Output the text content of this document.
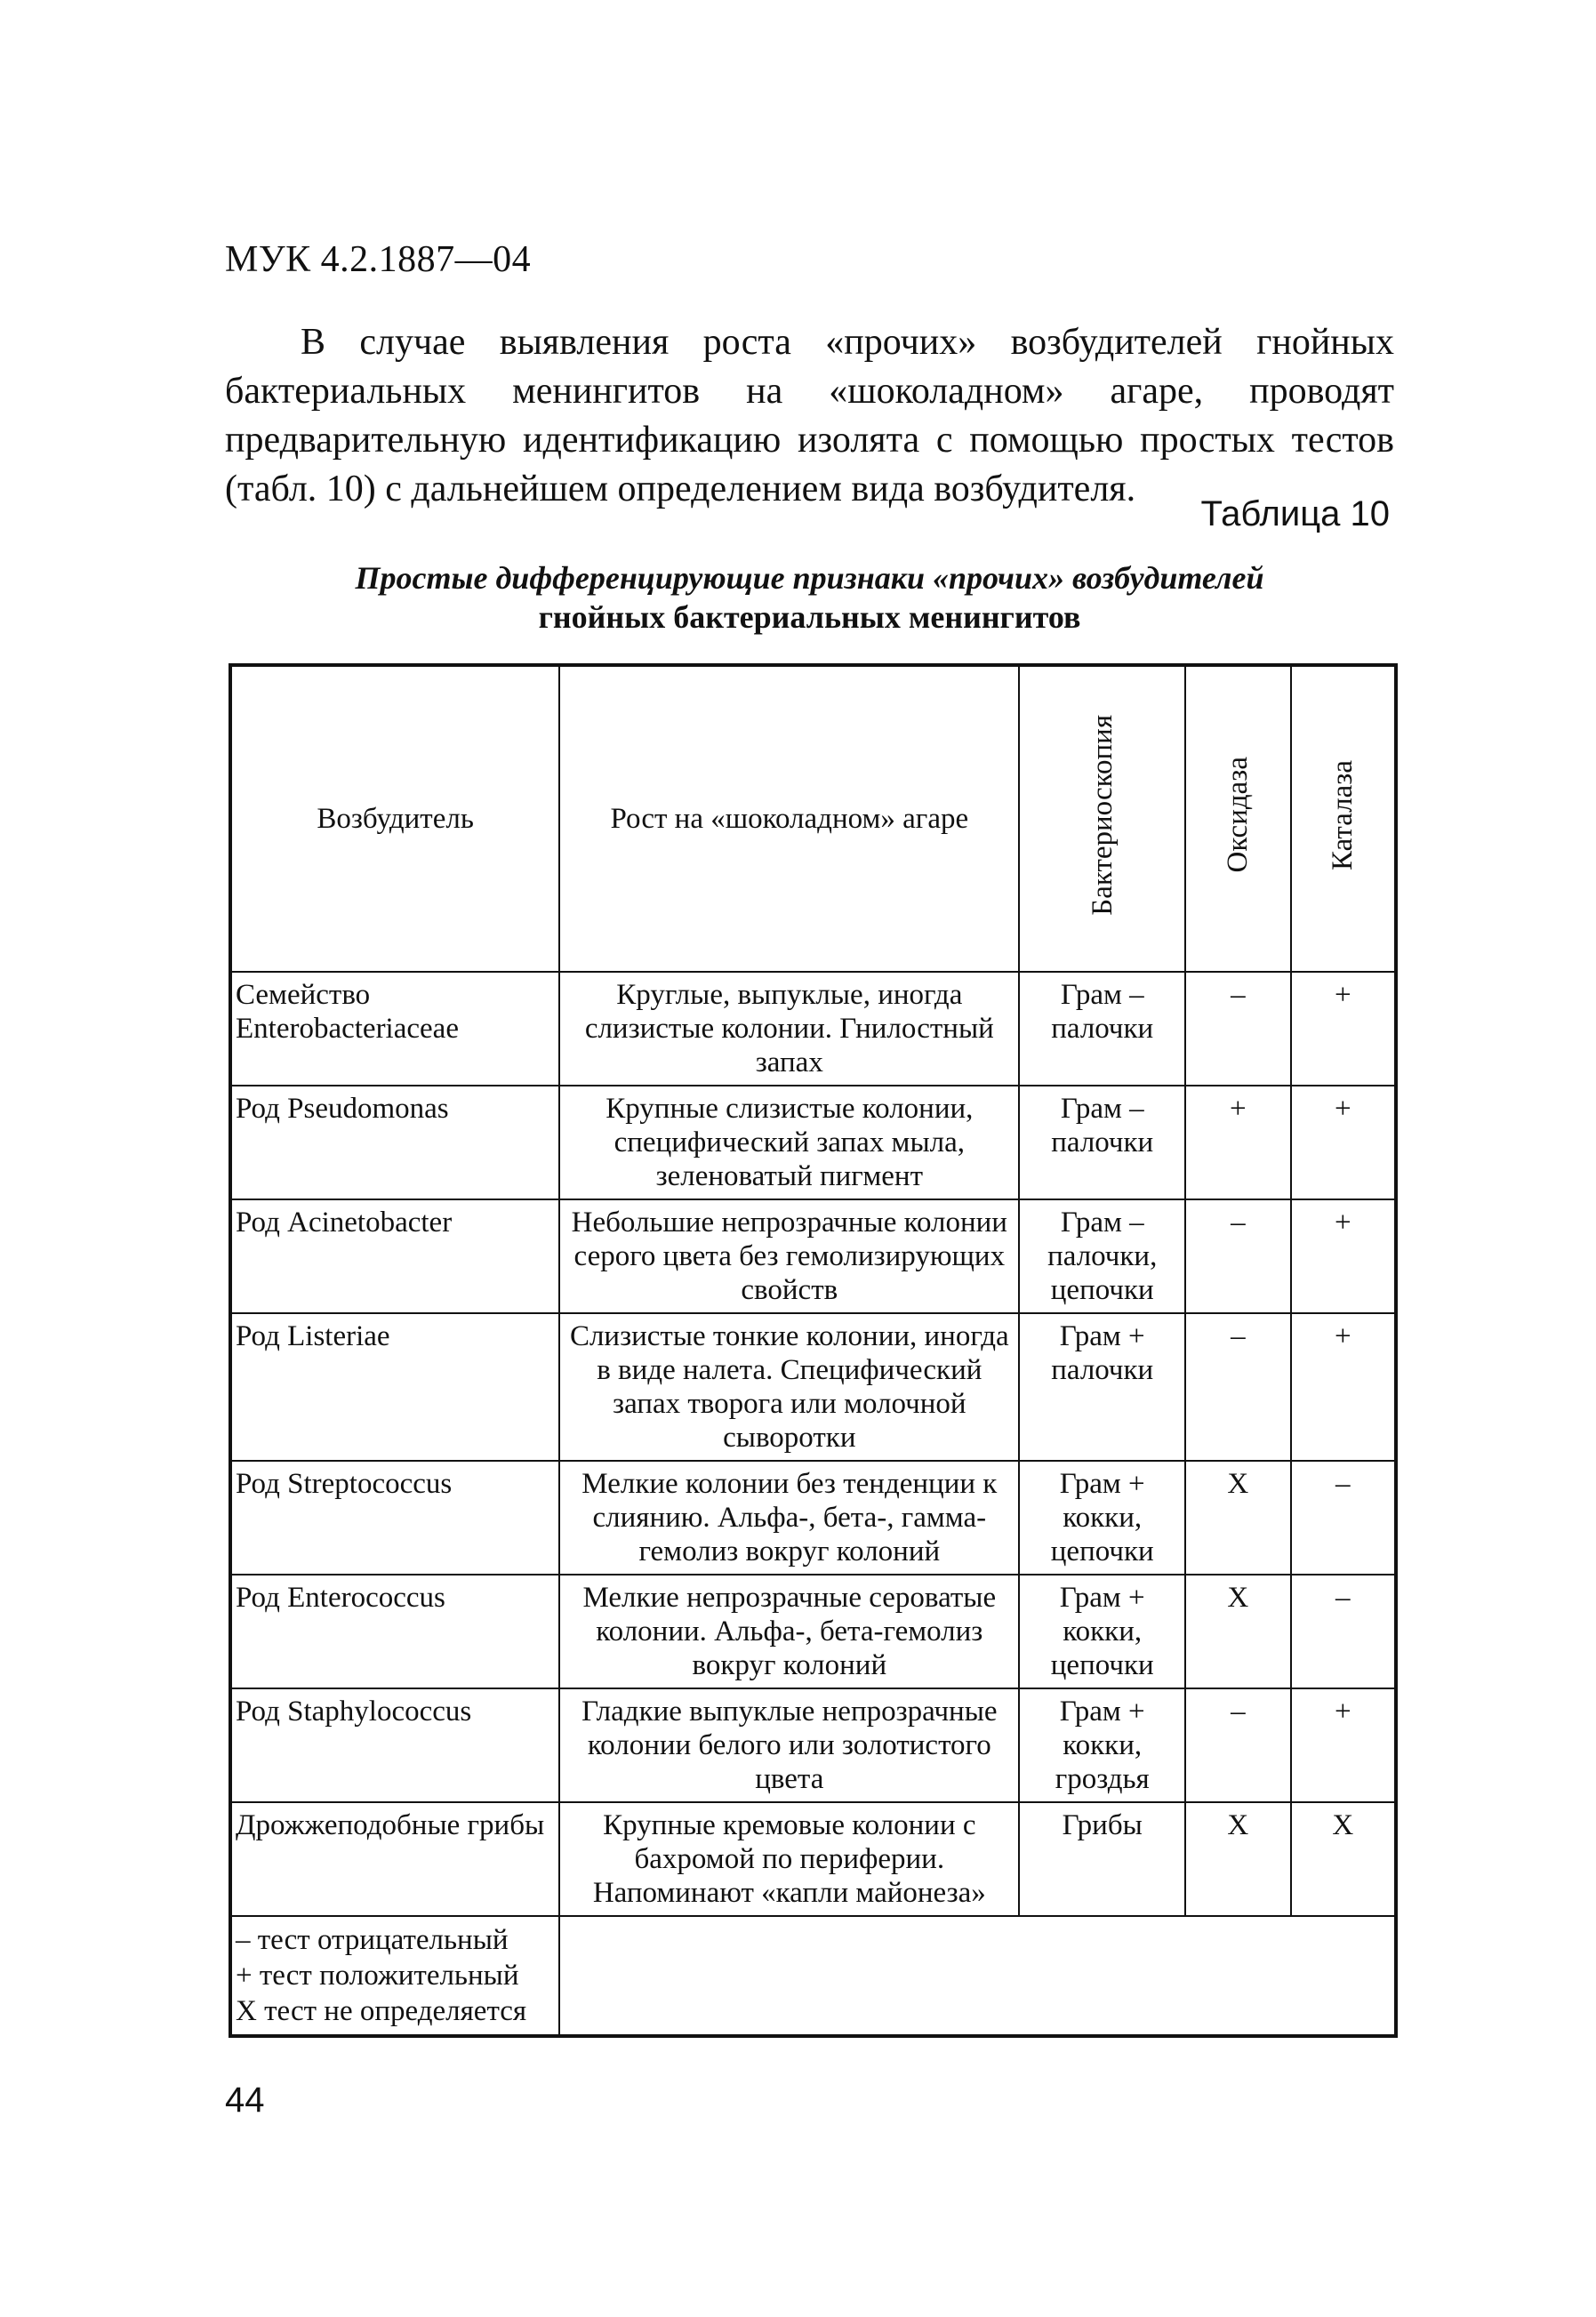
МУК 4.2.1887—04

В случае выявления роста «прочих» возбудителей гнойных бактериальных менингитов на «шоколадном» агаре, проводят предварительную идентификацию изолята с помощью простых тестов (табл. 10) с дальнейшем определением вида возбудителя.

Таблица 10
Простые дифференцирующие признаки «прочих» возбудителей
гнойных бактериальных менингитов
Возбудитель	Рост на «шоколадном» агаре	Бактериоскопия	Оксидаза	Каталаза
Семейство Enterobacteriaceae	Круглые, выпуклые, иногда слизистые колонии. Гнилостный запах	Грам – палочки	–	+
Род Pseudomonas	Крупные слизистые колонии, специфический запах мыла, зеленоватый пигмент	Грам – палочки	+	+
Род Acinetobacter	Небольшие непрозрачные колонии серого цвета без гемолизирующих свойств	Грам – палочки, цепочки	–	+
Род Listeriae	Слизистые тонкие колонии, иногда в виде налета. Специфический запах творога или молочной сыворотки	Грам + палочки	–	+
Род Streptococcus	Мелкие колонии без тенденции к слиянию. Альфа-, бета-, гамма-гемолиз вокруг колоний	Грам + кокки, цепочки	X	–
Род Enterococcus	Мелкие непрозрачные сероватые колонии. Альфа-, бета-гемолиз вокруг колоний	Грам + кокки, цепочки	X	–
Род Staphylococcus	Гладкие выпуклые непрозрачные колонии белого или золотистого цвета	Грам + кокки, гроздья	–	+
Дрожжеподобные грибы	Крупные кремовые колонии с бахромой по периферии. Напоминают «капли майонеза»	Грибы	X	X

– тест отрицательный
+ тест положительный
X тест не определяется				

44
